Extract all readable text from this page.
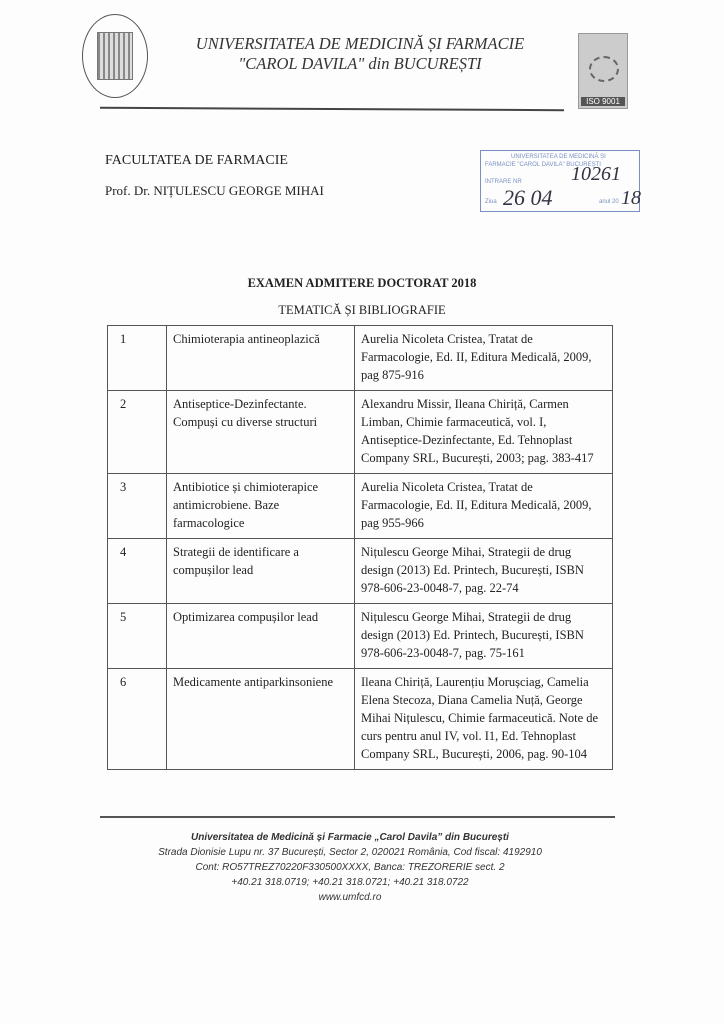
UNIVERSITATEA DE MEDICINĂ ȘI FARMACIE
"CAROL DAVILA" din BUCUREȘTI
ISO 9001
FACULTATEA DE FARMACIE
Prof. Dr. NIȚULESCU GEORGE MIHAI
UNIVERSITATEA DE MEDICINĂ ȘI
FARMACIE "CAROL DAVILA" BUCUREȘTI
INTRARE NR 10261
Ziua 26 04	anul 20 18
EXAMEN ADMITERE DOCTORAT 2018
TEMATICĂ ȘI BIBLIOGRAFIE
1	Chimioterapia antineoplazică	Aurelia Nicoleta Cristea, Tratat de Farmacologie, Ed. II, Editura Medicală, 2009, pag 875-916
2	Antiseptice-Dezinfectante. Compuși cu diverse structuri	Alexandru Missir, Ileana Chiriță, Carmen Limban, Chimie farmaceutică, vol. I, Antiseptice-Dezinfectante, Ed. Tehnoplast Company SRL, București, 2003; pag. 383-417
3	Antibiotice și chimioterapice antimicrobiene. Baze farmacologice	Aurelia Nicoleta Cristea, Tratat de Farmacologie, Ed. II, Editura Medicală, 2009, pag 955-966
4	Strategii de identificare a compușilor lead	Nițulescu George Mihai, Strategii de drug design (2013) Ed. Printech, București, ISBN 978-606-23-0048-7, pag. 22-74
5	Optimizarea compușilor lead	Nițulescu George Mihai, Strategii de drug design (2013) Ed. Printech, București, ISBN 978-606-23-0048-7, pag. 75-161
6	Medicamente antiparkinsoniene	Ileana Chiriță, Laurențiu Morușciag, Camelia Elena Stecoza, Diana Camelia Nuță, George Mihai Nițulescu, Chimie farmaceutică. Note de curs pentru anul IV, vol. I1, Ed. Tehnoplast Company SRL, București, 2006, pag. 90-104
Universitatea de Medicină și Farmacie „Carol Davila” din București
Strada Dionisie Lupu nr. 37 București, Sector 2, 020021 România, Cod fiscal: 4192910
Cont: RO57TREZ70220F330500XXXX, Banca: TREZORERIE sect. 2
+40.21 318.0719; +40.21 318.0721; +40.21 318.0722
www.umfcd.ro
